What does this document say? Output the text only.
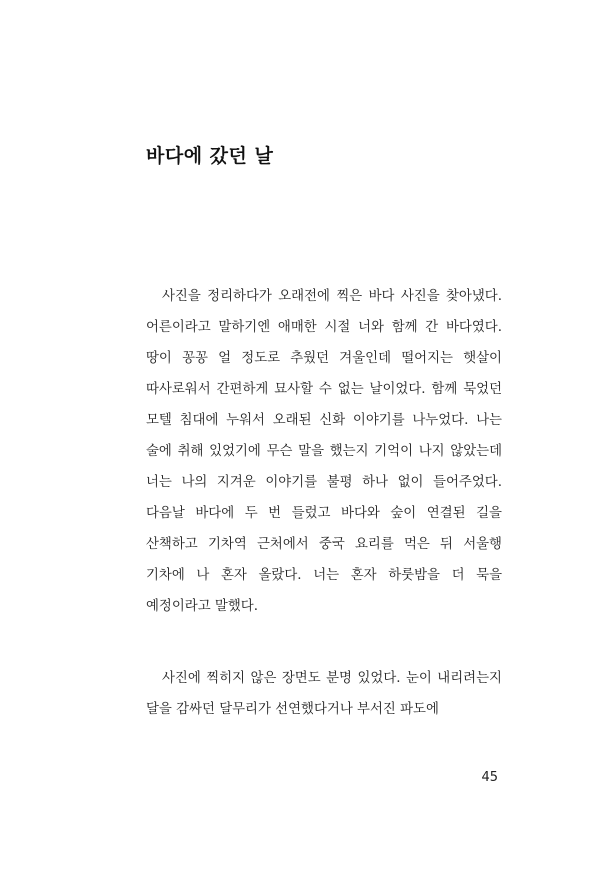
바다에 갔던 날

사진을 정리하다가 오래전에 찍은 바다 사진을 찾아냈다. 어른이라고 말하기엔 애매한 시절 너와 함께 간 바다였다. 땅이 꽁꽁 얼 정도로 추웠던 겨울인데 떨어지는 햇살이 따사로워서 간편하게 묘사할 수 없는 날이었다. 함께 묵었던 모텔 침대에 누워서 오래된 신화 이야기를 나누었다. 나는 술에 취해 있었기에 무슨 말을 했는지 기억이 나지 않았는데 너는 나의 지겨운 이야기를 불평 하나 없이 들어주었다. 다음날 바다에 두 번 들렀고 바다와 숲이 연결된 길을 산책하고 기차역 근처에서 중국 요리를 먹은 뒤 서울행 기차에 나 혼자 올랐다. 너는 혼자 하룻밤을 더 묵을 예정이라고 말했다.

사진에 찍히지 않은 장면도 분명 있었다. 눈이 내리려는지 달을 감싸던 달무리가 선연했다거나 부서진 파도에

45
